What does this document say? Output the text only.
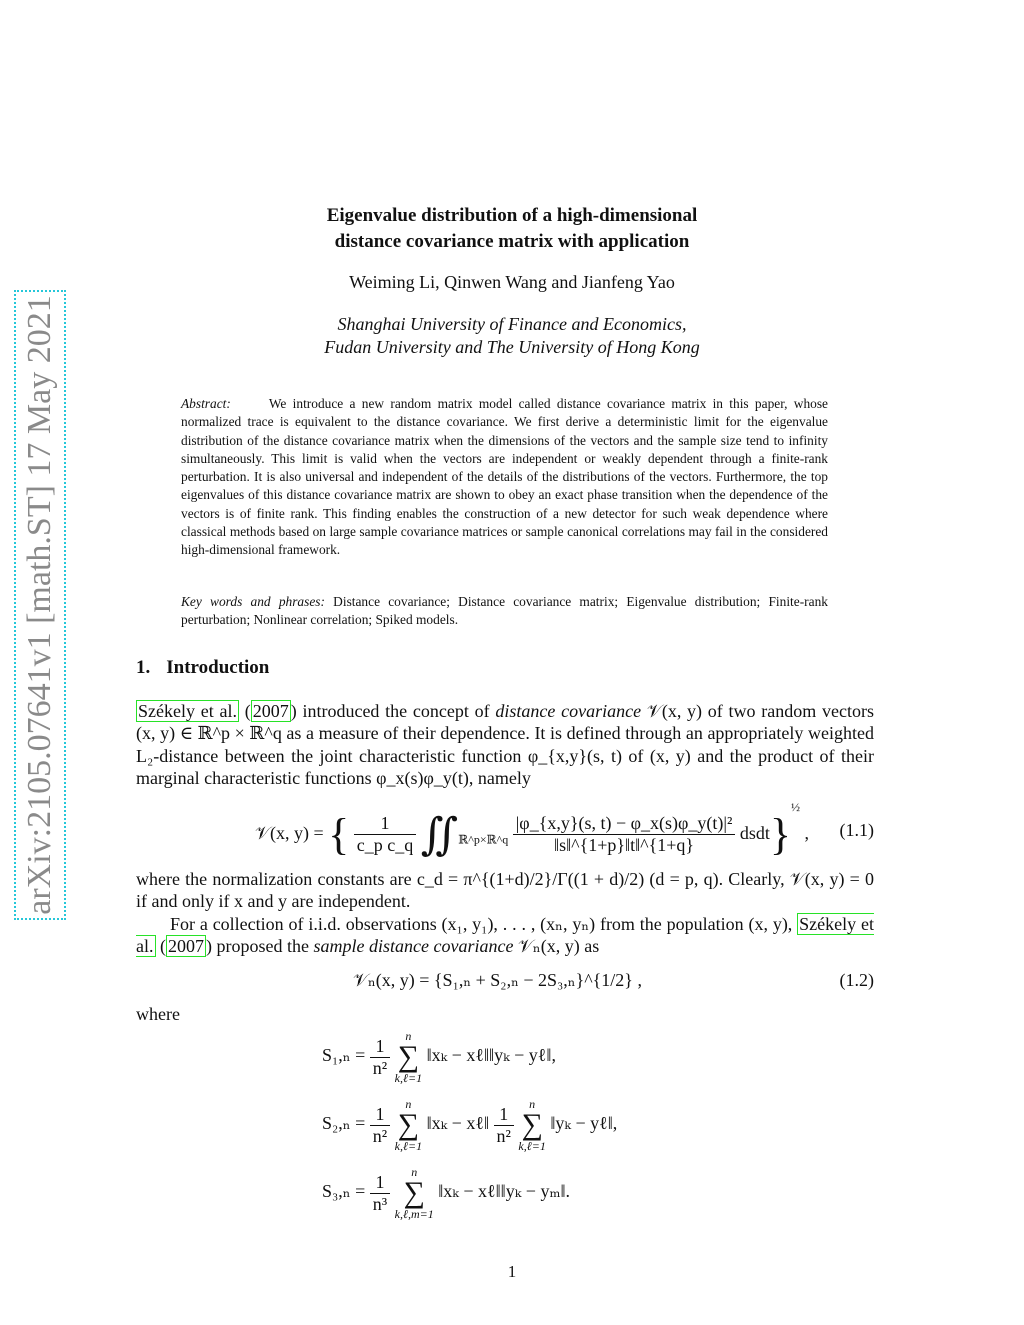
arXiv:2105.07641v1 [math.ST] 17 May 2021
Eigenvalue distribution of a high-dimensional
distance covariance matrix with application
Weiming Li, Qinwen Wang and Jianfeng Yao
Shanghai University of Finance and Economics,
Fudan University and The University of Hong Kong
Abstract:	We introduce a new random matrix model called distance covariance matrix in this paper, whose normalized trace is equivalent to the distance covariance. We first derive a deterministic limit for the eigenvalue distribution of the distance covariance matrix when the dimensions of the vectors and the sample size tend to infinity simultaneously. This limit is valid when the vectors are independent or weakly dependent through a finite-rank perturbation. It is also universal and independent of the details of the distributions of the vectors. Furthermore, the top eigenvalues of this distance covariance matrix are shown to obey an exact phase transition when the dependence of the vectors is of finite rank. This finding enables the construction of a new detector for such weak dependence where classical methods based on large sample covariance matrices or sample canonical correlations may fail in the considered high-dimensional framework.
Key words and phrases: Distance covariance; Distance covariance matrix; Eigenvalue distribution; Finite-rank perturbation; Nonlinear correlation; Spiked models.
1. Introduction
Székely et al. ( 2007 ) introduced the concept of distance covariance 𝒱(x, y) of two random vectors (x, y) ∈ ℝ^p × ℝ^q as a measure of their dependence. It is defined through an appropriately weighted L₂-distance between the joint characteristic function φ_{x,y}(s, t) of (x, y) and the product of their marginal characteristic functions φ_x(s)φ_y(t), namely
𝒱(x, y) = { $\frac{1}{\text{c\_p c\_q}}$ $∬_{ℝ\^{}p\times ℝ\^{}q} \frac{\text{|φ\_\{x,y\}(s, t) − φ\_x(s)φ\_y(t)|²}}{‖s‖\^{}\{1+p\}‖t‖\^{}\{1+q\}}$ dsdt}$^{\frac{1}{2}}$ , (1.1)
where the normalization constants are c_d = π^{(1+d)/2}/Γ((1 + d)/2) (d = p, q). Clearly, 𝒱(x, y) = 0 if and only if x and y are independent.
For a collection of i.i.d. observations (x₁, y₁), . . . , (xₙ, yₙ) from the population (x, y), Székely et al. ( 2007 ) proposed the sample distance covariance 𝒱ₙ(x, y) as
𝒱ₙ(x, y) = {S₁,ₙ + S₂,ₙ − 2S₃,ₙ}^{1/2} ,	(1.2)
where
$S_1,_n = \frac{1}{\text{n²}}$
	n
∑
k,ℓ=1
‖xₖ − xℓ‖‖yₖ − yℓ‖,
$S_2,_n = \frac{1}{\text{n²}}$
	n
∑
k,ℓ=1
‖xₖ − xℓ‖ $\frac{1}{\text{n²}}$
	n
∑
k,ℓ=1
‖yₖ − yℓ‖,
$S_3,_n = \frac{1}{\text{n³}}$
	n
∑
k,ℓ,m=1
‖xₖ − xℓ‖‖yₖ − yₘ‖.
1
